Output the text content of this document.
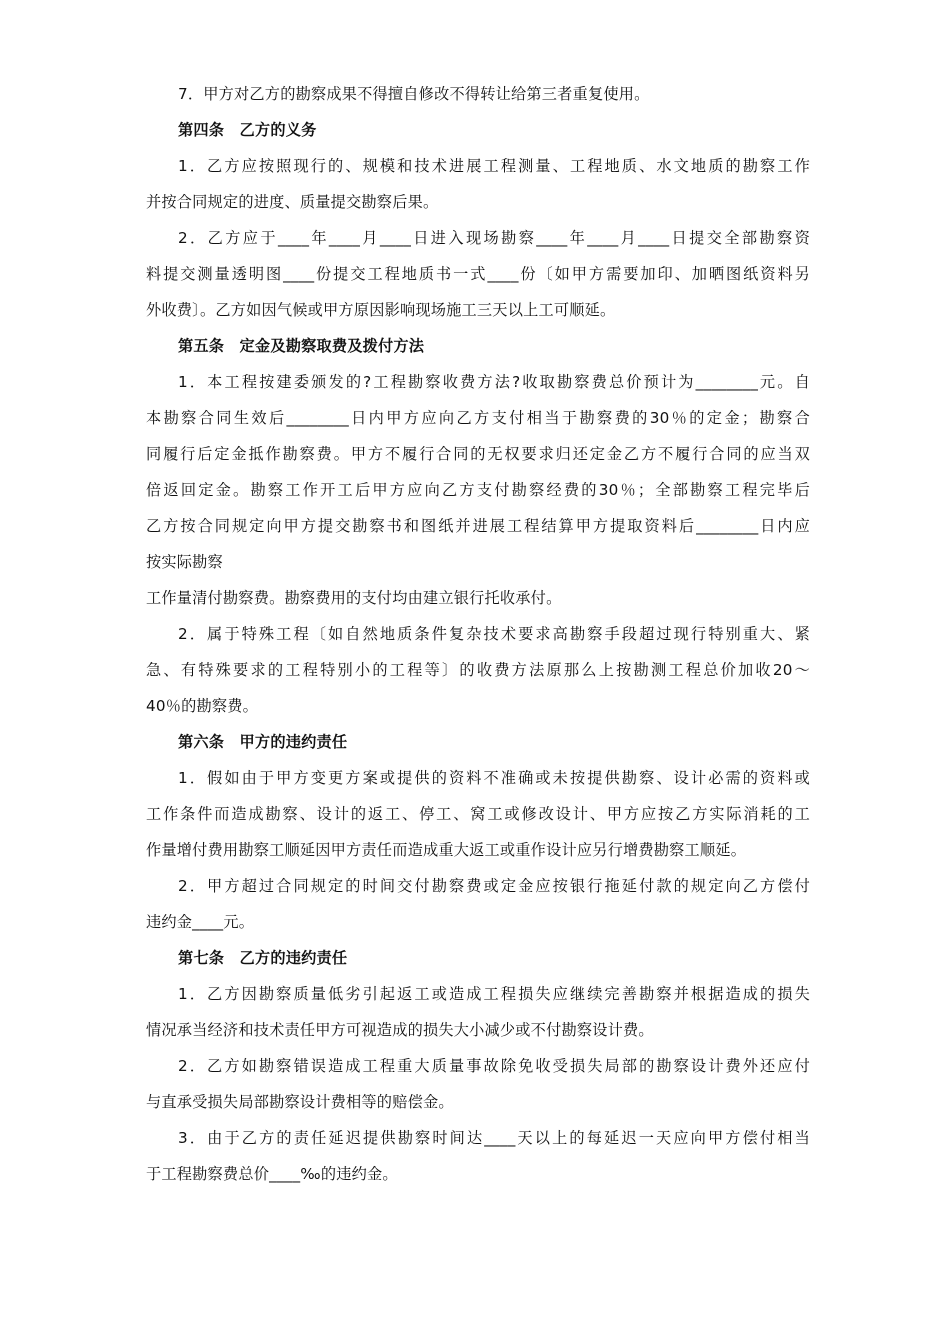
7．甲方对乙方的勘察成果不得擅自修改不得转让给第三者重复使用。
第四条　乙方的义务
1．乙方应按照现行的、规模和技术进展工程测量、工程地质、水文地质的勘察工作
并按合同规定的进度、质量提交勘察后果。
2．乙方应于____年____月____日进入现场勘察____年____月____日提交全部勘察资
料提交测量透明图____份提交工程地质书一式____份〔如甲方需要加印、加晒图纸资料另
外收费〕。乙方如因气候或甲方原因影响现场施工三天以上工可顺延。
第五条　定金及勘察取费及拨付方法
1．本工程按建委颁发的?工程勘察收费方法?收取勘察费总价预计为________元。自
本勘察合同生效后________日内甲方应向乙方支付相当于勘察费的30％的定金；勘察合
同履行后定金抵作勘察费。甲方不履行合同的无权要求归还定金乙方不履行合同的应当双
倍返回定金。勘察工作开工后甲方应向乙方支付勘察经费的30％；全部勘察工程完毕后
乙方按合同规定向甲方提交勘察书和图纸并进展工程结算甲方提取资料后________日内应
按实际勘察
工作量清付勘察费。勘察费用的支付均由建立银行托收承付。
2．属于特殊工程〔如自然地质条件复杂技术要求高勘察手段超过现行特别重大、紧
急、有特殊要求的工程特别小的工程等〕的收费方法原那么上按勘测工程总价加收20～
40％的勘察费。
第六条　甲方的违约责任
1．假如由于甲方变更方案或提供的资料不准确或未按提供勘察、设计必需的资料或
工作条件而造成勘察、设计的返工、停工、窝工或修改设计、甲方应按乙方实际消耗的工
作量增付费用勘察工顺延因甲方责任而造成重大返工或重作设计应另行增费勘察工顺延。
2．甲方超过合同规定的时间交付勘察费或定金应按银行拖延付款的规定向乙方偿付
违约金____元。
第七条　乙方的违约责任
1．乙方因勘察质量低劣引起返工或造成工程损失应继续完善勘察并根据造成的损失
情况承当经济和技术责任甲方可视造成的损失大小减少或不付勘察设计费。
2．乙方如勘察错误造成工程重大质量事故除免收受损失局部的勘察设计费外还应付
与直承受损失局部勘察设计费相等的赔偿金。
3．由于乙方的责任延迟提供勘察时间达____天以上的每延迟一天应向甲方偿付相当
于工程勘察费总价____‰的违约金。
